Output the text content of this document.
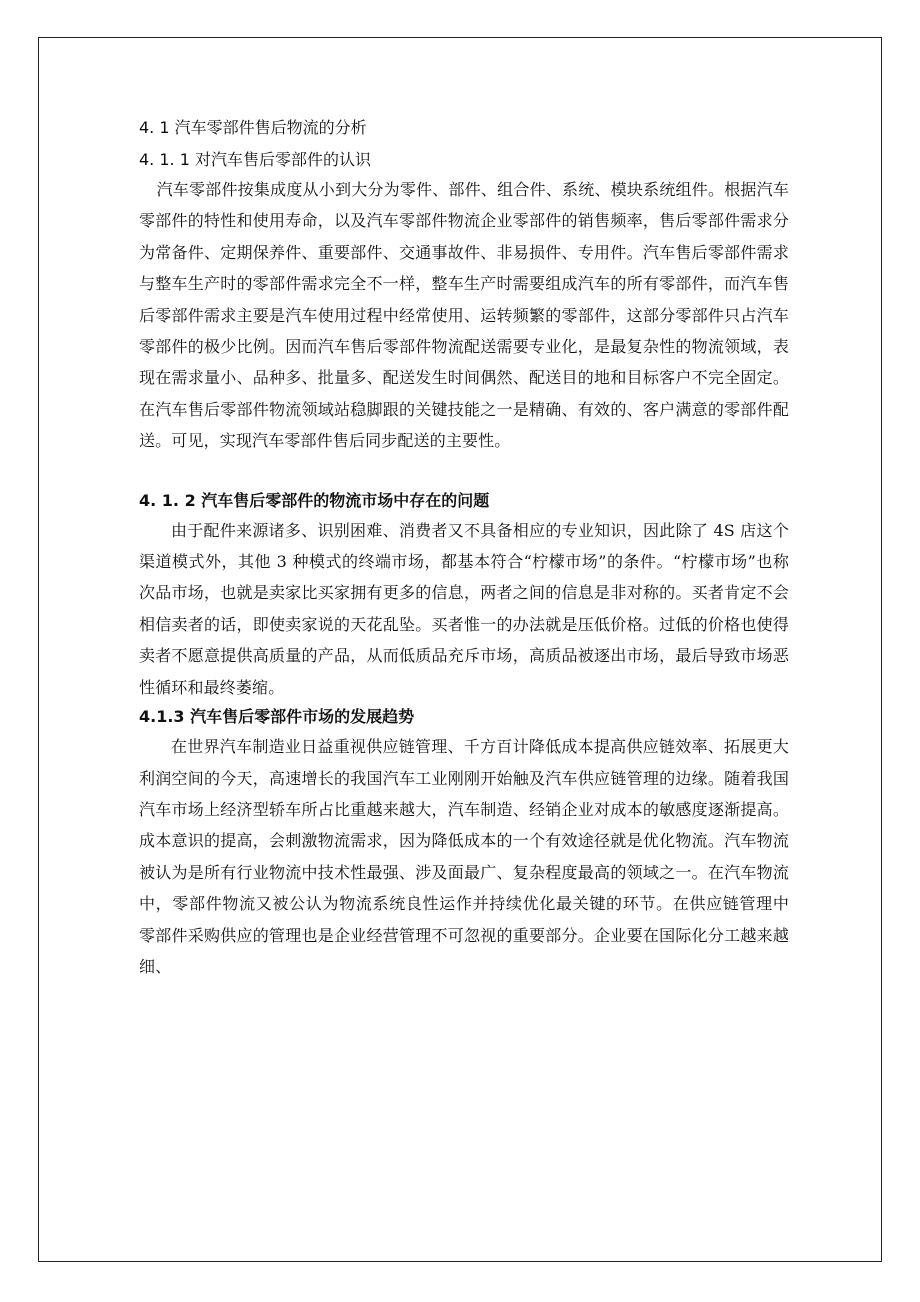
4. 1 汽车零部件售后物流的分析

4. 1. 1 对汽车售后零部件的认识

汽车零部件按集成度从小到大分为零件、部件、组合件、系统、模块系统组件。根据汽车零部件的特性和使用寿命，以及汽车零部件物流企业零部件的销售频率，售后零部件需求分为常备件、定期保养件、重要部件、交通事故件、非易损件、专用件。汽车售后零部件需求与整车生产时的零部件需求完全不一样，整车生产时需要组成汽车的所有零部件，而汽车售后零部件需求主要是汽车使用过程中经常使用、运转频繁的零部件，这部分零部件只占汽车零部件的极少比例。因而汽车售后零部件物流配送需要专业化，是最复杂性的物流领域，表现在需求量小、品种多、批量多、配送发生时间偶然、配送目的地和目标客户不完全固定。在汽车售后零部件物流领域站稳脚跟的关键技能之一是精确、有效的、客户满意的零部件配送。可见，实现汽车零部件售后同步配送的主要性。

4. 1. 2 汽车售后零部件的物流市场中存在的问题

由于配件来源诸多、识别困难、消费者又不具备相应的专业知识，因此除了 4S 店这个渠道模式外，其他 3 种模式的终端市场，都基本符合“柠檬市场”的条件。“柠檬市场”也称次品市场，也就是卖家比买家拥有更多的信息，两者之间的信息是非对称的。买者肯定不会相信卖者的话，即使卖家说的天花乱坠。买者惟一的办法就是压低价格。过低的价格也使得卖者不愿意提供高质量的产品，从而低质品充斥市场，高质品被逐出市场，最后导致市场恶性循环和最终萎缩。

4.1.3 汽车售后零部件市场的发展趋势

在世界汽车制造业日益重视供应链管理、千方百计降低成本提高供应链效率、拓展更大利润空间的今天，高速增长的我国汽车工业刚刚开始触及汽车供应链管理的边缘。随着我国汽车市场上经济型轿车所占比重越来越大，汽车制造、经销企业对成本的敏感度逐渐提高。成本意识的提高，会刺激物流需求，因为降低成本的一个有效途径就是优化物流。汽车物流被认为是所有行业物流中技术性最强、涉及面最广、复杂程度最高的领域之一。在汽车物流中，零部件物流又被公认为物流系统良性运作并持续优化最关键的环节。在供应链管理中 零部件采购供应的管理也是企业经营管理不可忽视的重要部分。企业要在国际化分工越来越细、
